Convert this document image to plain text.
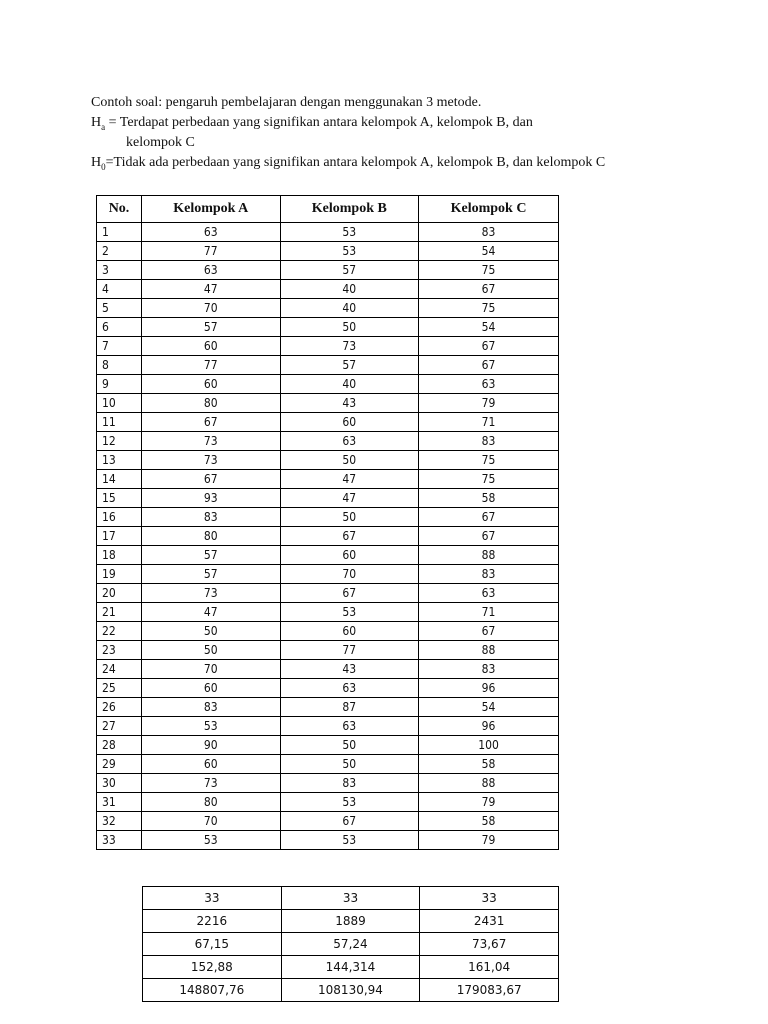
Contoh soal: pengaruh pembelajaran dengan menggunakan 3 metode.

$H_a$ = Terdapat perbedaan yang signifikan antara kelompok A, kelompok B, dan

kelompok C

$H_0=Tidak$ ada perbedaan yang signifikan antara kelompok A, kelompok B, dan kelompok C

No.	Kelompok A	Kelompok B	Kelompok C
1	63	53	83
2	77	53	54
3	63	57	75
4	47	40	67
5	70	40	75
6	57	50	54
7	60	73	67
8	77	57	67
9	60	40	63
10	80	43	79
11	67	60	71
12	73	63	83
13	73	50	75
14	67	47	75
15	93	47	58
16	83	50	67
17	80	67	67
18	57	60	88
19	57	70	83
20	73	67	63
21	47	53	71
22	50	60	67
23	50	77	88
24	70	43	83
25	60	63	96
26	83	87	54
27	53	63	96
28	90	50	100
29	60	50	58
30	73	83	88
31	80	53	79
32	70	67	58
33	53	53	79
33	33	33
2216	1889	2431
67,15	57,24	73,67
152,88	144,314	161,04
148807,76	108130,94	179083,67
